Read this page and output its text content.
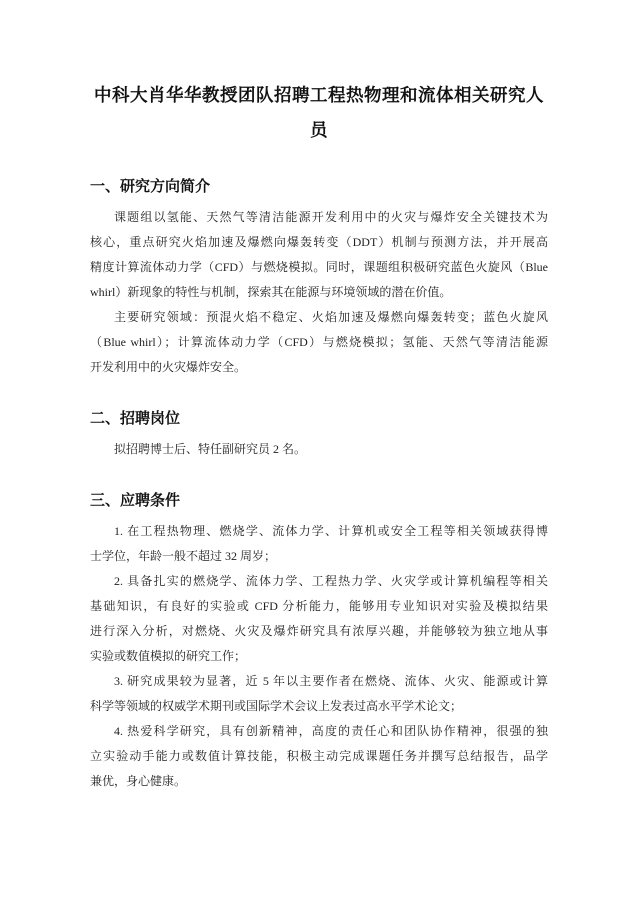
中科大肖华华教授团队招聘工程热物理和流体相关研究人
员
一、研究方向简介
课题组以氢能、天然气等清洁能源开发利用中的火灾与爆炸安全关键技术为
核心，重点研究火焰加速及爆燃向爆轰转变（DDT）机制与预测方法，并开展高
精度计算流体动力学（CFD）与燃烧模拟。同时，课题组积极研究蓝色火旋风（Blue
whirl）新现象的特性与机制，探索其在能源与环境领域的潜在价值。
主要研究领域：预混火焰不稳定、火焰加速及爆燃向爆轰转变；蓝色火旋风
（Blue whirl）；计算流体动力学（CFD）与燃烧模拟；氢能、天然气等清洁能源
开发利用中的火灾爆炸安全。
二、招聘岗位
拟招聘博士后、特任副研究员 2 名。
三、应聘条件
1. 在工程热物理、燃烧学、流体力学、计算机或安全工程等相关领域获得博
士学位，年龄一般不超过 32 周岁；
2. 具备扎实的燃烧学、流体力学、工程热力学、火灾学或计算机编程等相关
基础知识，有良好的实验或 CFD 分析能力，能够用专业知识对实验及模拟结果
进行深入分析，对燃烧、火灾及爆炸研究具有浓厚兴趣，并能够较为独立地从事
实验或数值模拟的研究工作；
3. 研究成果较为显著，近 5 年以主要作者在燃烧、流体、火灾、能源或计算
科学等领域的权威学术期刊或国际学术会议上发表过高水平学术论文；
4. 热爱科学研究，具有创新精神，高度的责任心和团队协作精神，很强的独
立实验动手能力或数值计算技能，积极主动完成课题任务并撰写总结报告，品学
兼优，身心健康。
